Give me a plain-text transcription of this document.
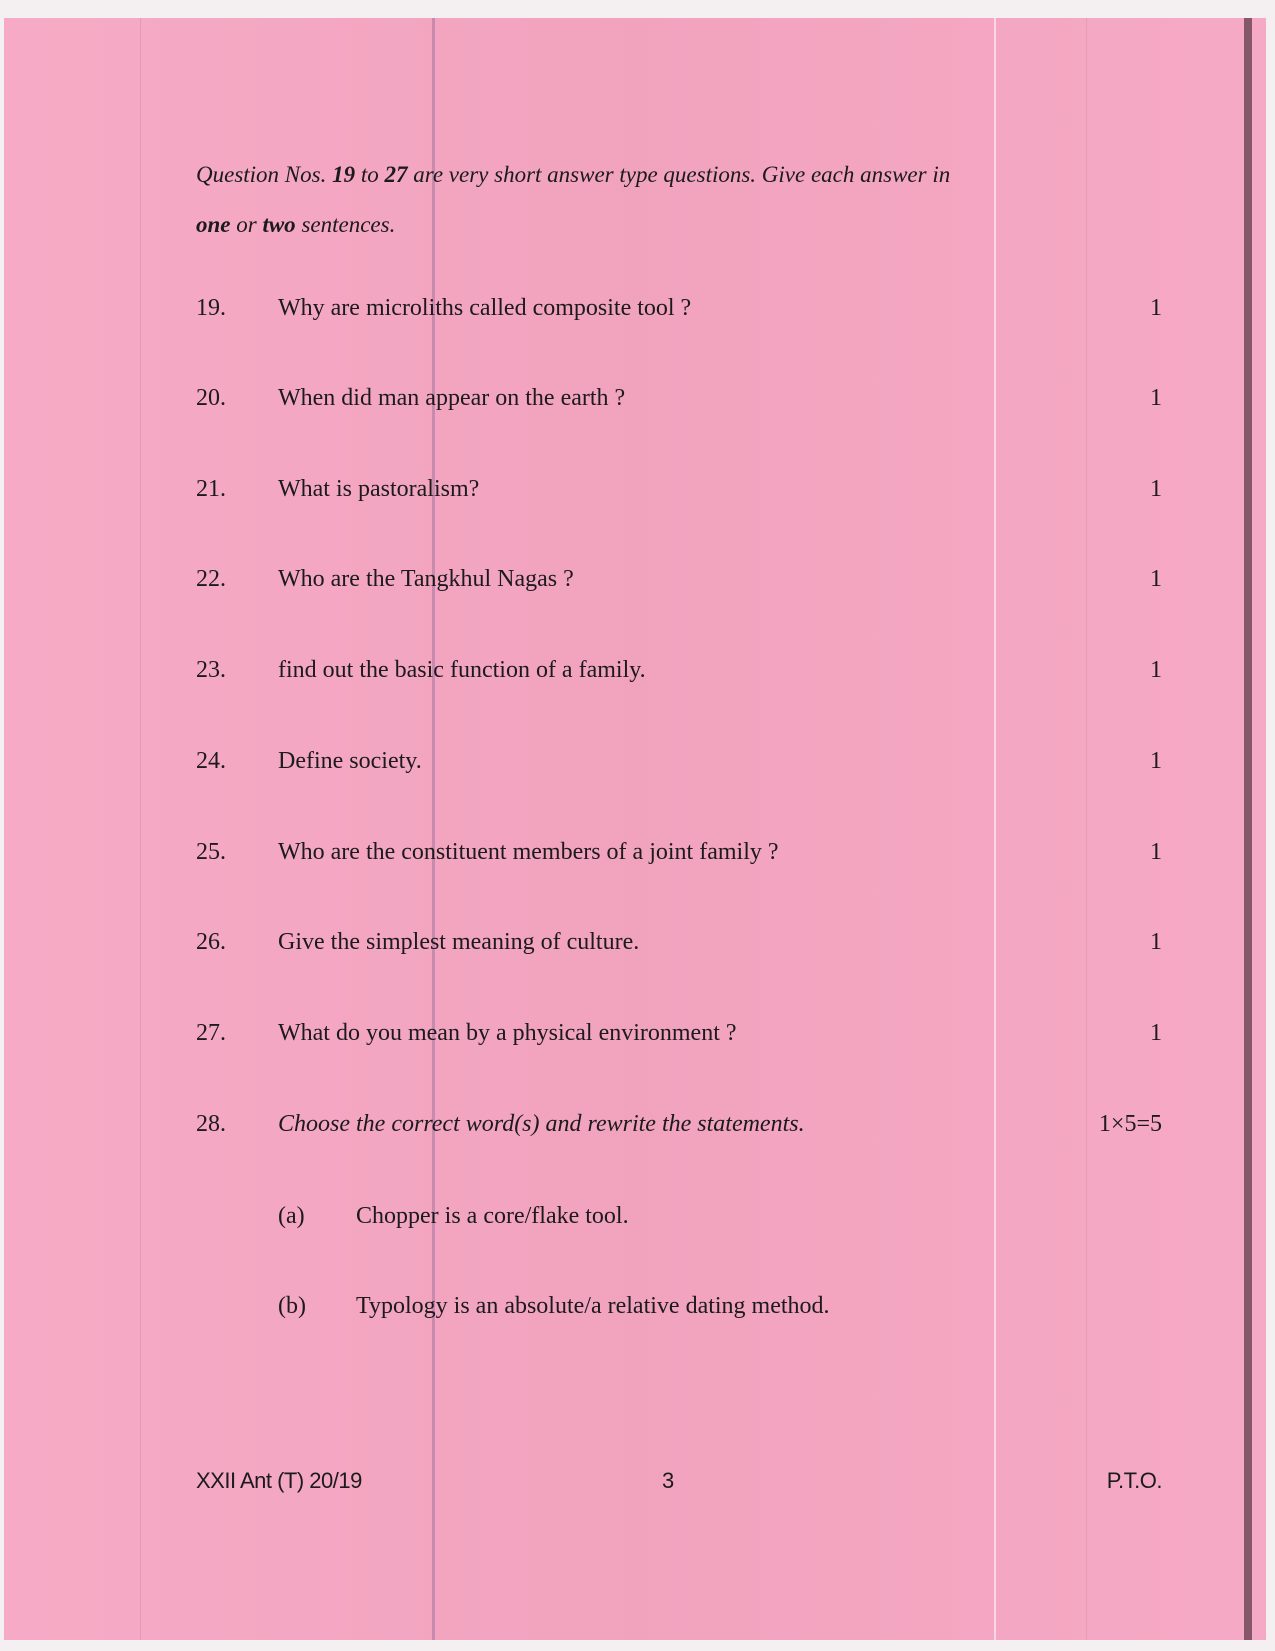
Question Nos. 19 to 27 are very short answer type questions. Give each answer in
one or two sentences.

19. Why are microliths called composite tool ?	1
20. When did man appear on the earth ?	1
21. What is pastoralism?	1
22. Who are the Tangkhul Nagas ?	1
23. find out the basic function of a family.	1
24. Define society.	1
25. Who are the constituent members of a joint family ?	1
26. Give the simplest meaning of culture.	1
27. What do you mean by a physical environment ?	1
28. Choose the correct word(s) and rewrite the statements.	1×5=5
(a) Chopper is a core/flake tool.
(b) Typology is an absolute/a relative dating method.
XXII Ant (T) 20/19	3	P.T.O.
